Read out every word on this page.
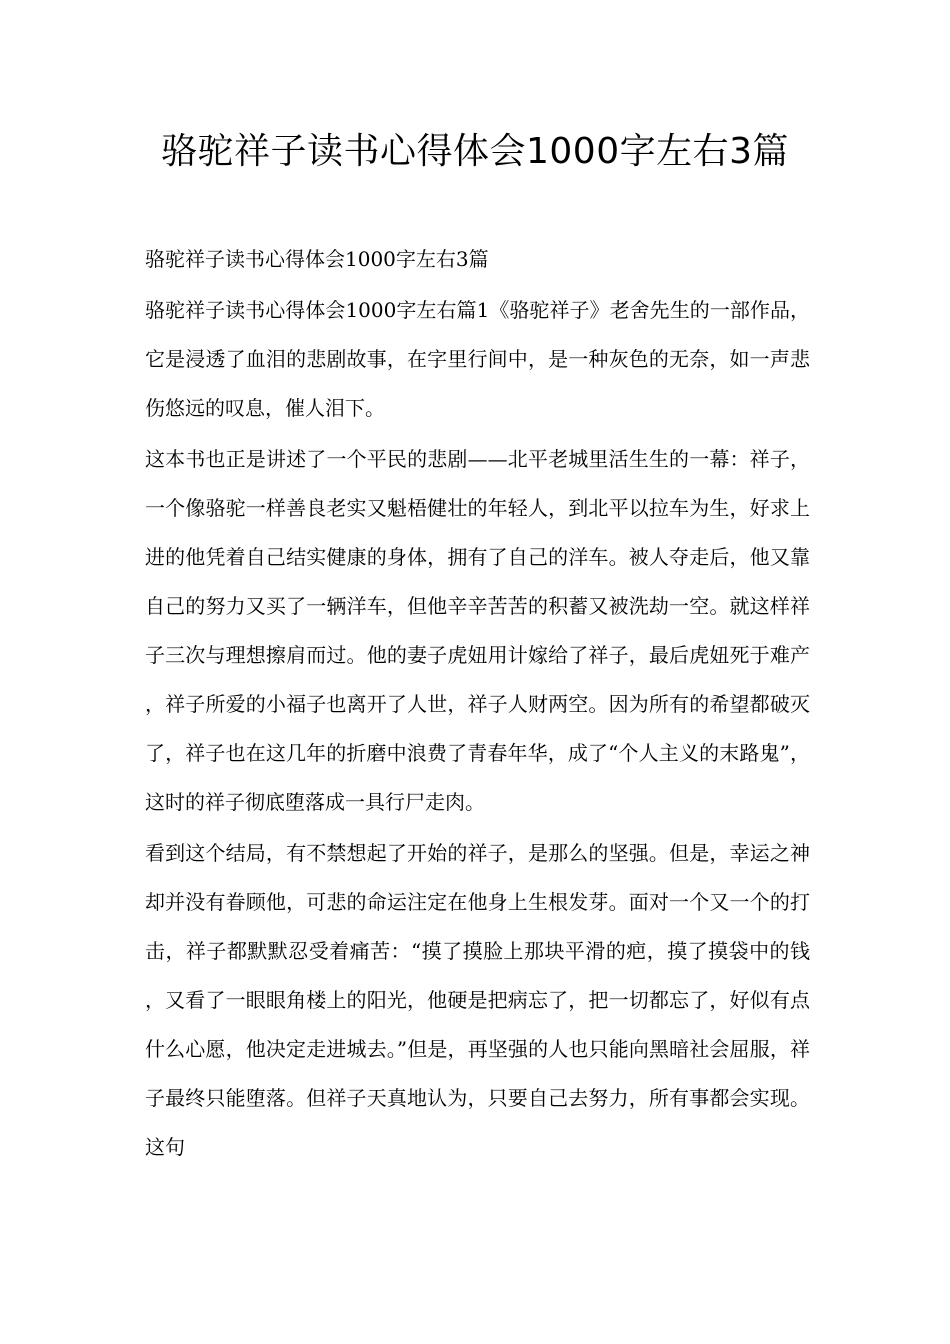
骆驼祥子读书心得体会1000字左右3篇

骆驼祥子读书心得体会1000字左右3篇

骆驼祥子读书心得体会1000字左右篇1《骆驼祥子》老舍先生的一部作品，它是浸透了血泪的悲剧故事，在字里行间中，是一种灰色的无奈，如一声悲伤悠远的叹息，催人泪下。

这本书也正是讲述了一个平民的悲剧——北平老城里活生生的一幕：祥子，一个像骆驼一样善良老实又魁梧健壮的年轻人，到北平以拉车为生，好求上进的他凭着自己结实健康的身体，拥有了自己的洋车。被人夺走后，他又靠自己的努力又买了一辆洋车，但他辛辛苦苦的积蓄又被洗劫一空。就这样祥子三次与理想擦肩而过。他的妻子虎妞用计嫁给了祥子，最后虎妞死于难产，祥子所爱的小福子也离开了人世，祥子人财两空。因为所有的希望都破灭了，祥子也在这几年的折磨中浪费了青春年华，成了“个人主义的末路鬼”，这时的祥子彻底堕落成一具行尸走肉。

看到这个结局，有不禁想起了开始的祥子，是那么的坚强。但是，幸运之神却并没有眷顾他，可悲的命运注定在他身上生根发芽。面对一个又一个的打击，祥子都默默忍受着痛苦：“摸了摸脸上那块平滑的疤，摸了摸袋中的钱，又看了一眼眼角楼上的阳光，他硬是把病忘了，把一切都忘了，好似有点什么心愿，他决定走进城去。”但是，再坚强的人也只能向黑暗社会屈服，祥子最终只能堕落。但祥子天真地认为，只要自己去努力，所有事都会实现。这句
